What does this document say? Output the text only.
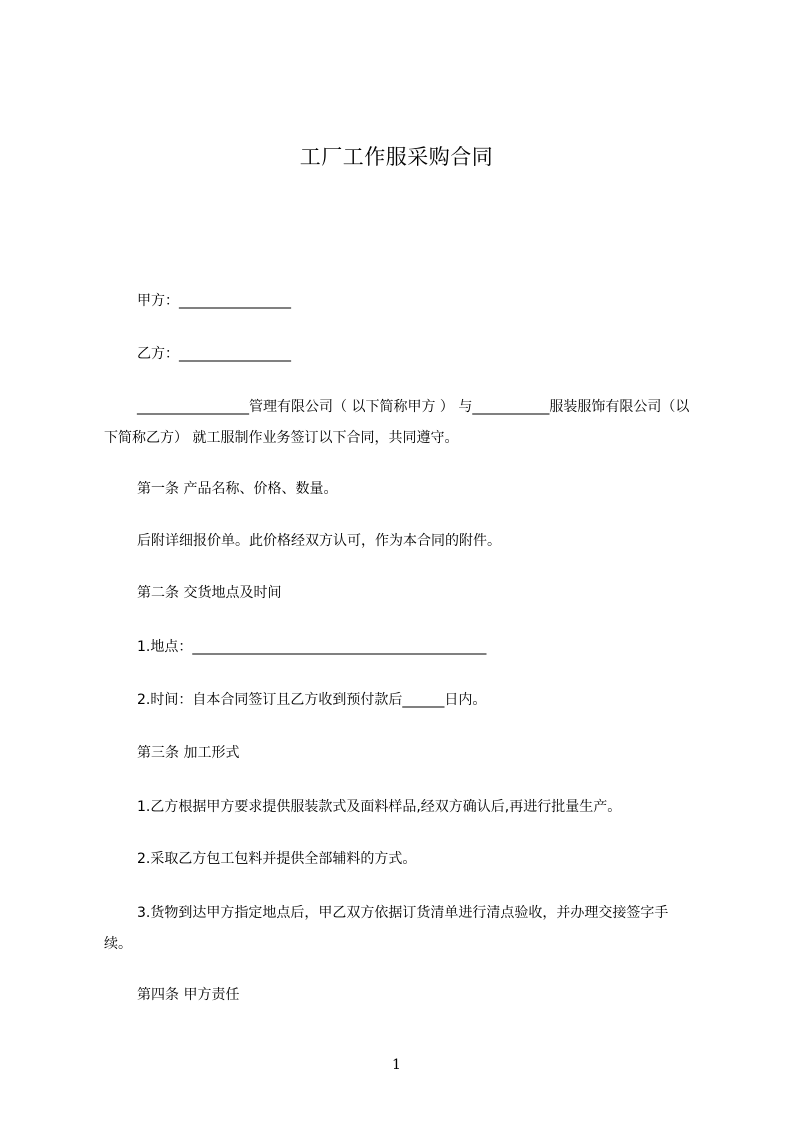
工厂工作服采购合同
甲方：________________
乙方：________________
________________管理有限公司（ 以下简称甲方 ） 与___________服装服饰有限公司（以下简称乙方） 就工服制作业务签订以下合同，共同遵守。
第一条 产品名称、价格、数量。
后附详细报价单。此价格经双方认可，作为本合同的附件。
第二条 交货地点及时间
1.地点：__________________________________________
2.时间：自本合同签订且乙方收到预付款后______日内。
第三条 加工形式
1.乙方根据甲方要求提供服装款式及面料样品,经双方确认后,再进行批量生产。
2.采取乙方包工包料并提供全部辅料的方式。
3.货物到达甲方指定地点后，甲乙双方依据订货清单进行清点验收，并办理交接签字手续。
第四条 甲方责任
1
